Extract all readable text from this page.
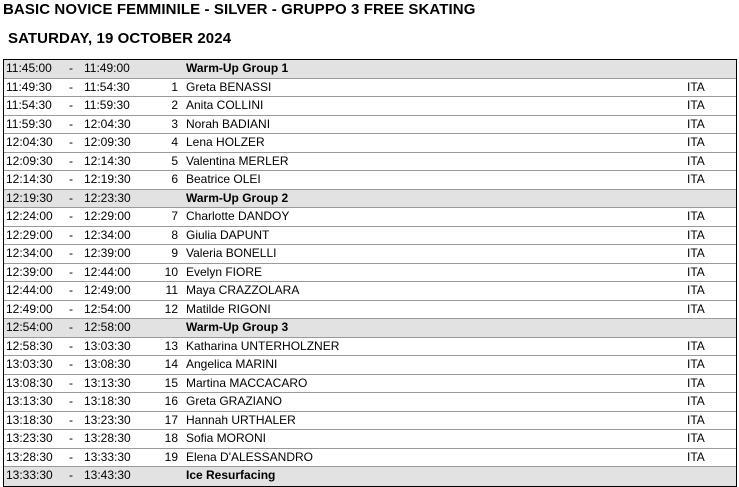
BASIC NOVICE FEMMINILE - SILVER - GRUPPO 3 FREE SKATING
SATURDAY, 19 OCTOBER 2024
11:45:00 - 11:49:00	Warm-Up Group 1
11:49:30 - 11:54:30	1 Greta BENASSI	ITA
11:54:30 - 11:59:30	2 Anita COLLINI	ITA
11:59:30 - 12:04:30	3 Norah BADIANI	ITA
12:04:30 - 12:09:30	4 Lena HOLZER	ITA
12:09:30 - 12:14:30	5 Valentina MERLER	ITA
12:14:30 - 12:19:30	6 Beatrice OLEI	ITA
12:19:30 - 12:23:30	Warm-Up Group 2
12:24:00 - 12:29:00	7 Charlotte DANDOY	ITA
12:29:00 - 12:34:00	8 Giulia DAPUNT	ITA
12:34:00 - 12:39:00	9 Valeria BONELLI	ITA
12:39:00 - 12:44:00	10 Evelyn FIORE	ITA
12:44:00 - 12:49:00	11 Maya CRAZZOLARA	ITA
12:49:00 - 12:54:00	12 Matilde RIGONI	ITA
12:54:00 - 12:58:00	Warm-Up Group 3
12:58:30 - 13:03:30	13 Katharina UNTERHOLZNER	ITA
13:03:30 - 13:08:30	14 Angelica MARINI	ITA
13:08:30 - 13:13:30	15 Martina MACCACARO	ITA
13:13:30 - 13:18:30	16 Greta GRAZIANO	ITA
13:18:30 - 13:23:30	17 Hannah URTHALER	ITA
13:23:30 - 13:28:30	18 Sofia MORONI	ITA
13:28:30 - 13:33:30	19 Elena D'ALESSANDRO	ITA
13:33:30 - 13:43:30	Ice Resurfacing
